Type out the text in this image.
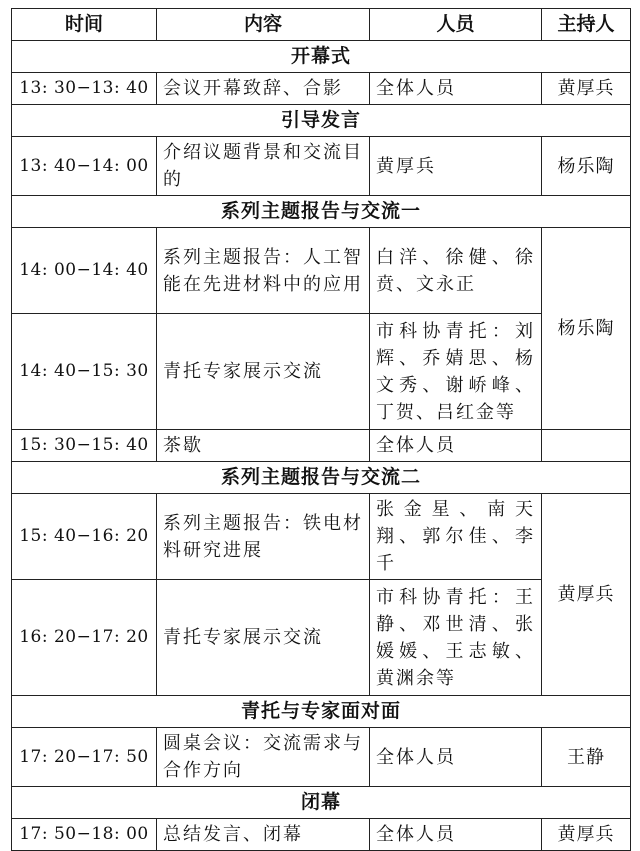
时间	内容	人员	主持人
开幕式			
13: 30−13: 40	会议开幕致辞、合影	全体人员	黄厚兵
引导发言			
13: 40−14: 00	介绍议题背景和交流目的	黄厚兵	杨乐陶
系列主题报告与交流一			
14: 00−14: 40	系列主题报告：人工智能在先进材料中的应用	白洋、徐健、徐贲、文永正	杨乐陶
14: 40−15: 30	青托专家展示交流	市科协青托：刘辉、乔婧思、杨文秀、谢峤峰、丁贺、吕红金等	
15: 30−15: 40	茶歇	全体人员	
系列主题报告与交流二			
15: 40−16: 20	系列主题报告：铁电材料研究进展	张金星、南天翔、郭尔佳、李千	黄厚兵
16: 20−17: 20	青托专家展示交流	市科协青托：王静、邓世清、张媛媛、王志敏、黄渊余等	
青托与专家面对面			
17: 20−17: 50	圆桌会议：交流需求与合作方向	全体人员	王静
闭幕			
17: 50−18: 00	总结发言、闭幕	全体人员	黄厚兵
